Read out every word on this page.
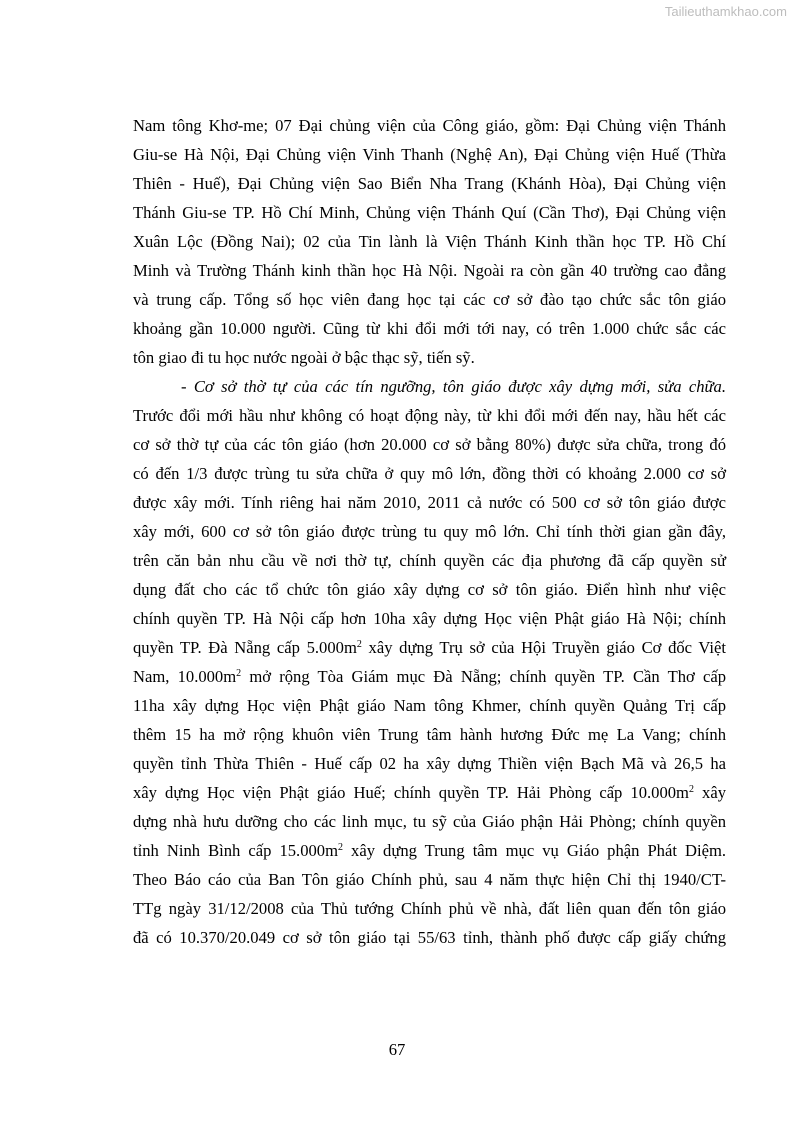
Tailieuthamkhao.com
Nam tông Khơ-me; 07 Đại chủng viện của Công giáo, gồm: Đại Chủng viện Thánh
Giu-se Hà Nội, Đại Chủng viện Vinh Thanh (Nghệ An), Đại Chủng viện Huế (Thừa
Thiên - Huế), Đại Chủng viện Sao Biển Nha Trang (Khánh Hòa), Đại Chủng viện
Thánh Giu-se TP. Hồ Chí Minh, Chủng viện Thánh Quí (Cần Thơ), Đại Chủng viện
Xuân Lộc (Đồng Nai); 02 của Tin lành là Viện Thánh Kinh thần học TP. Hồ Chí
Minh và Trường Thánh kinh thần học Hà Nội. Ngoài ra còn gần 40 trường cao đẳng
và trung cấp. Tổng số học viên đang học tại các cơ sở đào tạo chức sắc tôn giáo
khoảng gần 10.000 người. Cũng từ khi đổi mới tới nay, có trên 1.000 chức sắc các
tôn giao đi tu học nước ngoài ở bậc thạc sỹ, tiến sỹ.
- Cơ sở thờ tự của các tín ngưỡng, tôn giáo được xây dựng mới, sửa chữa.
Trước đổi mới hầu như không có hoạt động này, từ khi đổi mới đến nay, hầu hết các
cơ sở thờ tự của các tôn giáo (hơn 20.000 cơ sở bằng 80%) được sửa chữa, trong đó
có đến 1/3 được trùng tu sửa chữa ở quy mô lớn, đồng thời có khoảng 2.000 cơ sở
được xây mới. Tính riêng hai năm 2010, 2011 cả nước có 500 cơ sở tôn giáo được
xây mới, 600 cơ sở tôn giáo được trùng tu quy mô lớn. Chỉ tính thời gian gần đây,
trên căn bản nhu cầu về nơi thờ tự, chính quyền các địa phương đã cấp quyền sử
dụng đất cho các tổ chức tôn giáo xây dựng cơ sở tôn giáo. Điển hình như việc
chính quyền TP. Hà Nội cấp hơn 10ha xây dựng Học viện Phật giáo Hà Nội; chính
quyền TP. Đà Nẵng cấp $5.000m^2$ xây dựng Trụ sở của Hội Truyền giáo Cơ đốc Việt
Nam, $10.000m^2$ mở rộng Tòa Giám mục Đà Nẵng; chính quyền TP. Cần Thơ cấp
11ha xây dựng Học viện Phật giáo Nam tông Khmer, chính quyền Quảng Trị cấp
thêm 15 ha mở rộng khuôn viên Trung tâm hành hương Đức mẹ La Vang; chính
quyền tỉnh Thừa Thiên - Huế cấp 02 ha xây dựng Thiền viện Bạch Mã và 26,5 ha
xây dựng Học viện Phật giáo Huế; chính quyền TP. Hải Phòng cấp $10.000m^2$ xây
dựng nhà hưu dưỡng cho các linh mục, tu sỹ của Giáo phận Hải Phòng; chính quyền
tỉnh Ninh Bình cấp $15.000m^2$ xây dựng Trung tâm mục vụ Giáo phận Phát Diệm.
Theo Báo cáo của Ban Tôn giáo Chính phủ, sau 4 năm thực hiện Chỉ thị 1940/CT-
TTg ngày 31/12/2008 của Thủ tướng Chính phủ về nhà, đất liên quan đến tôn giáo
đã có 10.370/20.049 cơ sở tôn giáo tại 55/63 tỉnh, thành phố được cấp giấy chứng
67
